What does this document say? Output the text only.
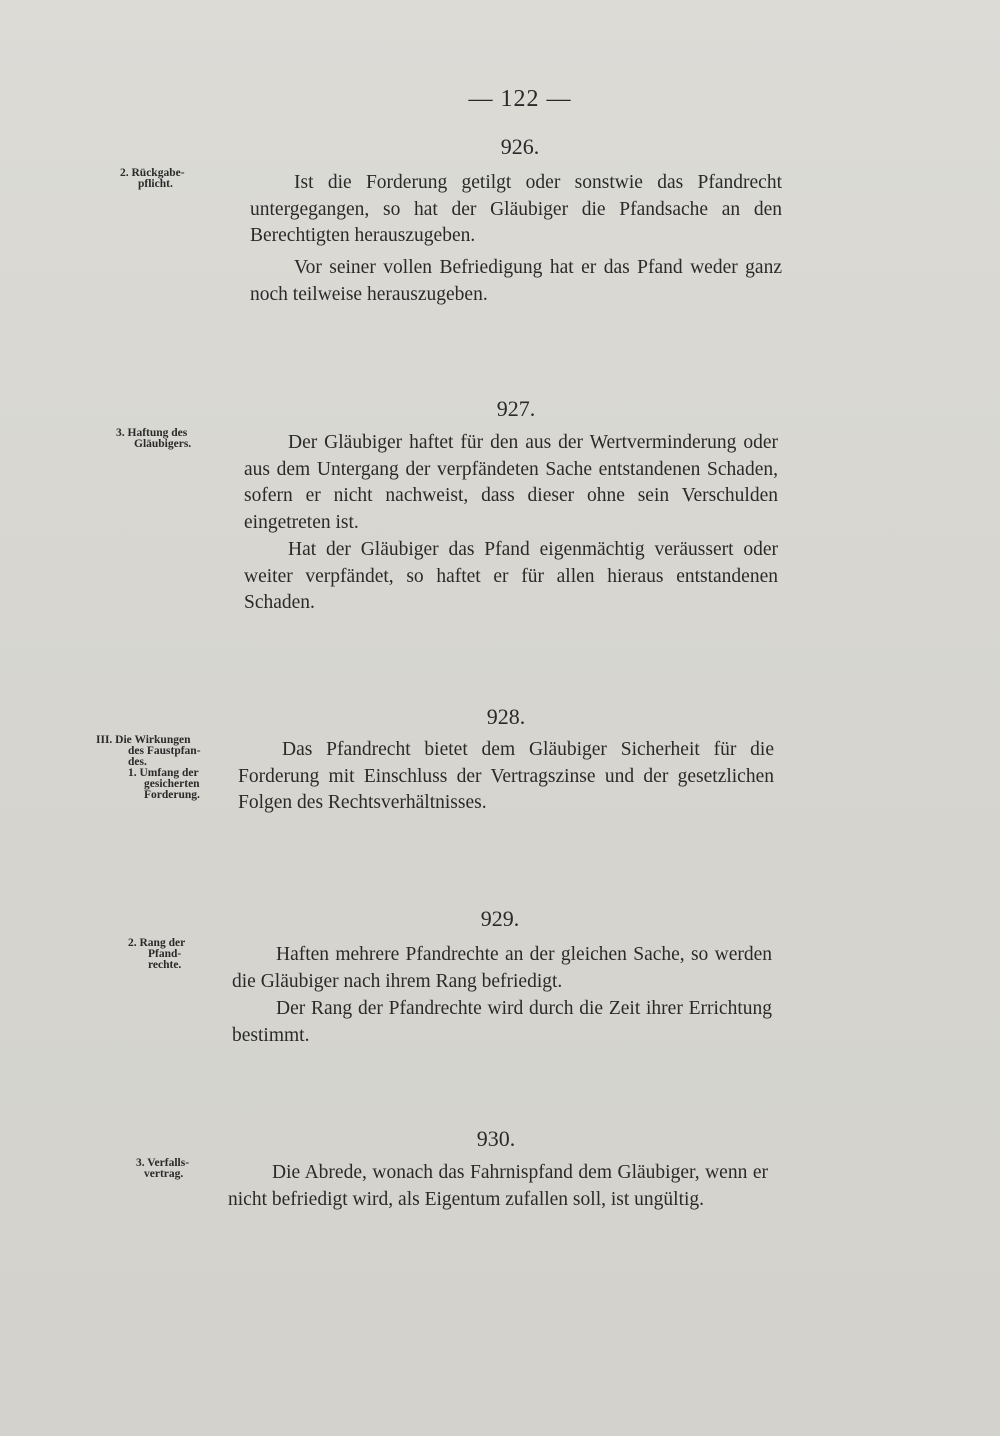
— 122 —
926.
2. Rückgabe-
pflicht.	Ist die Forderung getilgt oder sonstwie das Pfandrecht untergegangen, so hat der Gläubiger die Pfandsache an den Berechtigten herauszugeben.
Vor seiner vollen Befriedigung hat er das Pfand weder ganz noch teilweise herauszugeben.
927.
3. Haftung des
Gläubigers.	Der Gläubiger haftet für den aus der Wertverminderung oder aus dem Untergang der verpfändeten Sache entstandenen Schaden, sofern er nicht nachweist, dass dieser ohne sein Verschulden eingetreten ist.
Hat der Gläubiger das Pfand eigenmächtig veräussert oder weiter verpfändet, so haftet er für allen hieraus entstandenen Schaden.
928.
III. Die Wirkungen
des Faustpfan-
des.
1. Umfang der
gesicherten
Forderung.
Das Pfandrecht bietet dem Gläubiger Sicherheit für die Forderung mit Einschluss der Vertragszinse und der gesetzlichen Folgen des Rechtsverhältnisses.
929.
2. Rang der
Pfand-
rechte.	Haften mehrere Pfandrechte an der gleichen Sache, so werden die Gläubiger nach ihrem Rang befriedigt.
Der Rang der Pfandrechte wird durch die Zeit ihrer Errichtung bestimmt.
930.
3. Verfalls-
vertrag.	Die Abrede, wonach das Fahrnispfand dem Gläubiger, wenn er nicht befriedigt wird, als Eigentum zufallen soll, ist ungültig.
